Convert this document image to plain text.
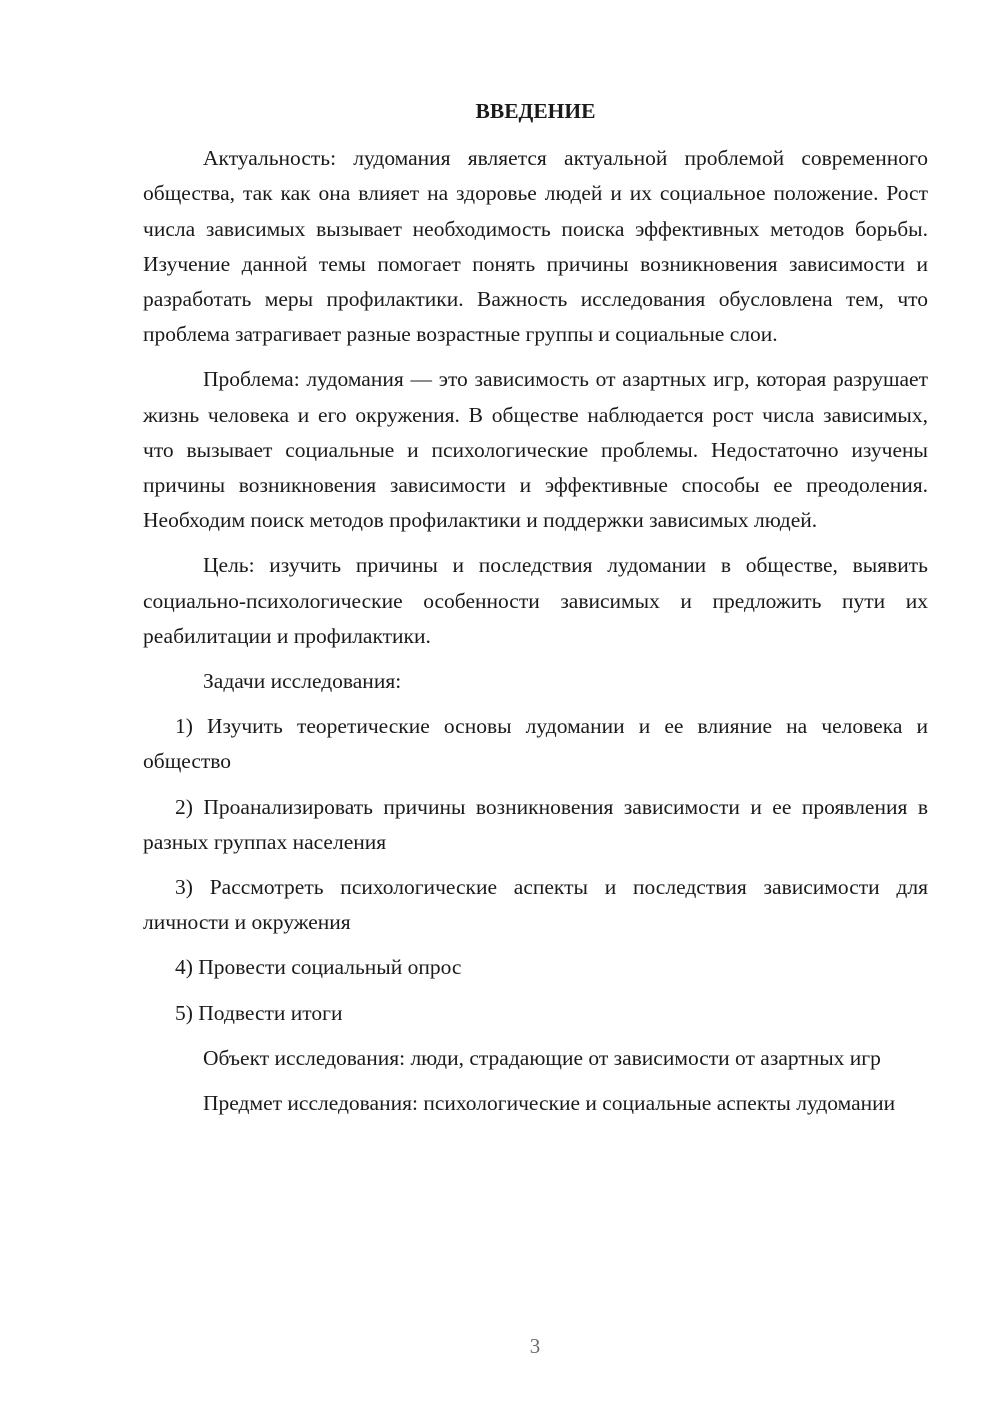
ВВЕДЕНИЕ

Актуальность: лудомания является актуальной проблемой современного общества, так как она влияет на здоровье людей и их социальное положение. Рост числа зависимых вызывает необходимость поиска эффективных методов борьбы. Изучение данной темы помогает понять причины возникновения зависимости и разработать меры профилактики. Важность исследования обусловлена тем, что проблема затрагивает разные возрастные группы и социальные слои.

Проблема: лудомания — это зависимость от азартных игр, которая разрушает жизнь человека и его окружения. В обществе наблюдается рост числа зависимых, что вызывает социальные и психологические проблемы. Недостаточно изучены причины возникновения зависимости и эффективные способы ее преодоления. Необходим поиск методов профилактики и поддержки зависимых людей.

Цель: изучить причины и последствия лудомании в обществе, выявить социально-психологические особенности зависимых и предложить пути их реабилитации и профилактики.

Задачи исследования:

1) Изучить теоретические основы лудомании и ее влияние на человека и общество

2) Проанализировать причины возникновения зависимости и ее проявления в разных группах населения

3) Рассмотреть психологические аспекты и последствия зависимости для личности и окружения

4) Провести социальный опрос

5) Подвести итоги

Объект исследования: люди, страдающие от зависимости от азартных игр

Предмет исследования: психологические и социальные аспекты лудомании

3
